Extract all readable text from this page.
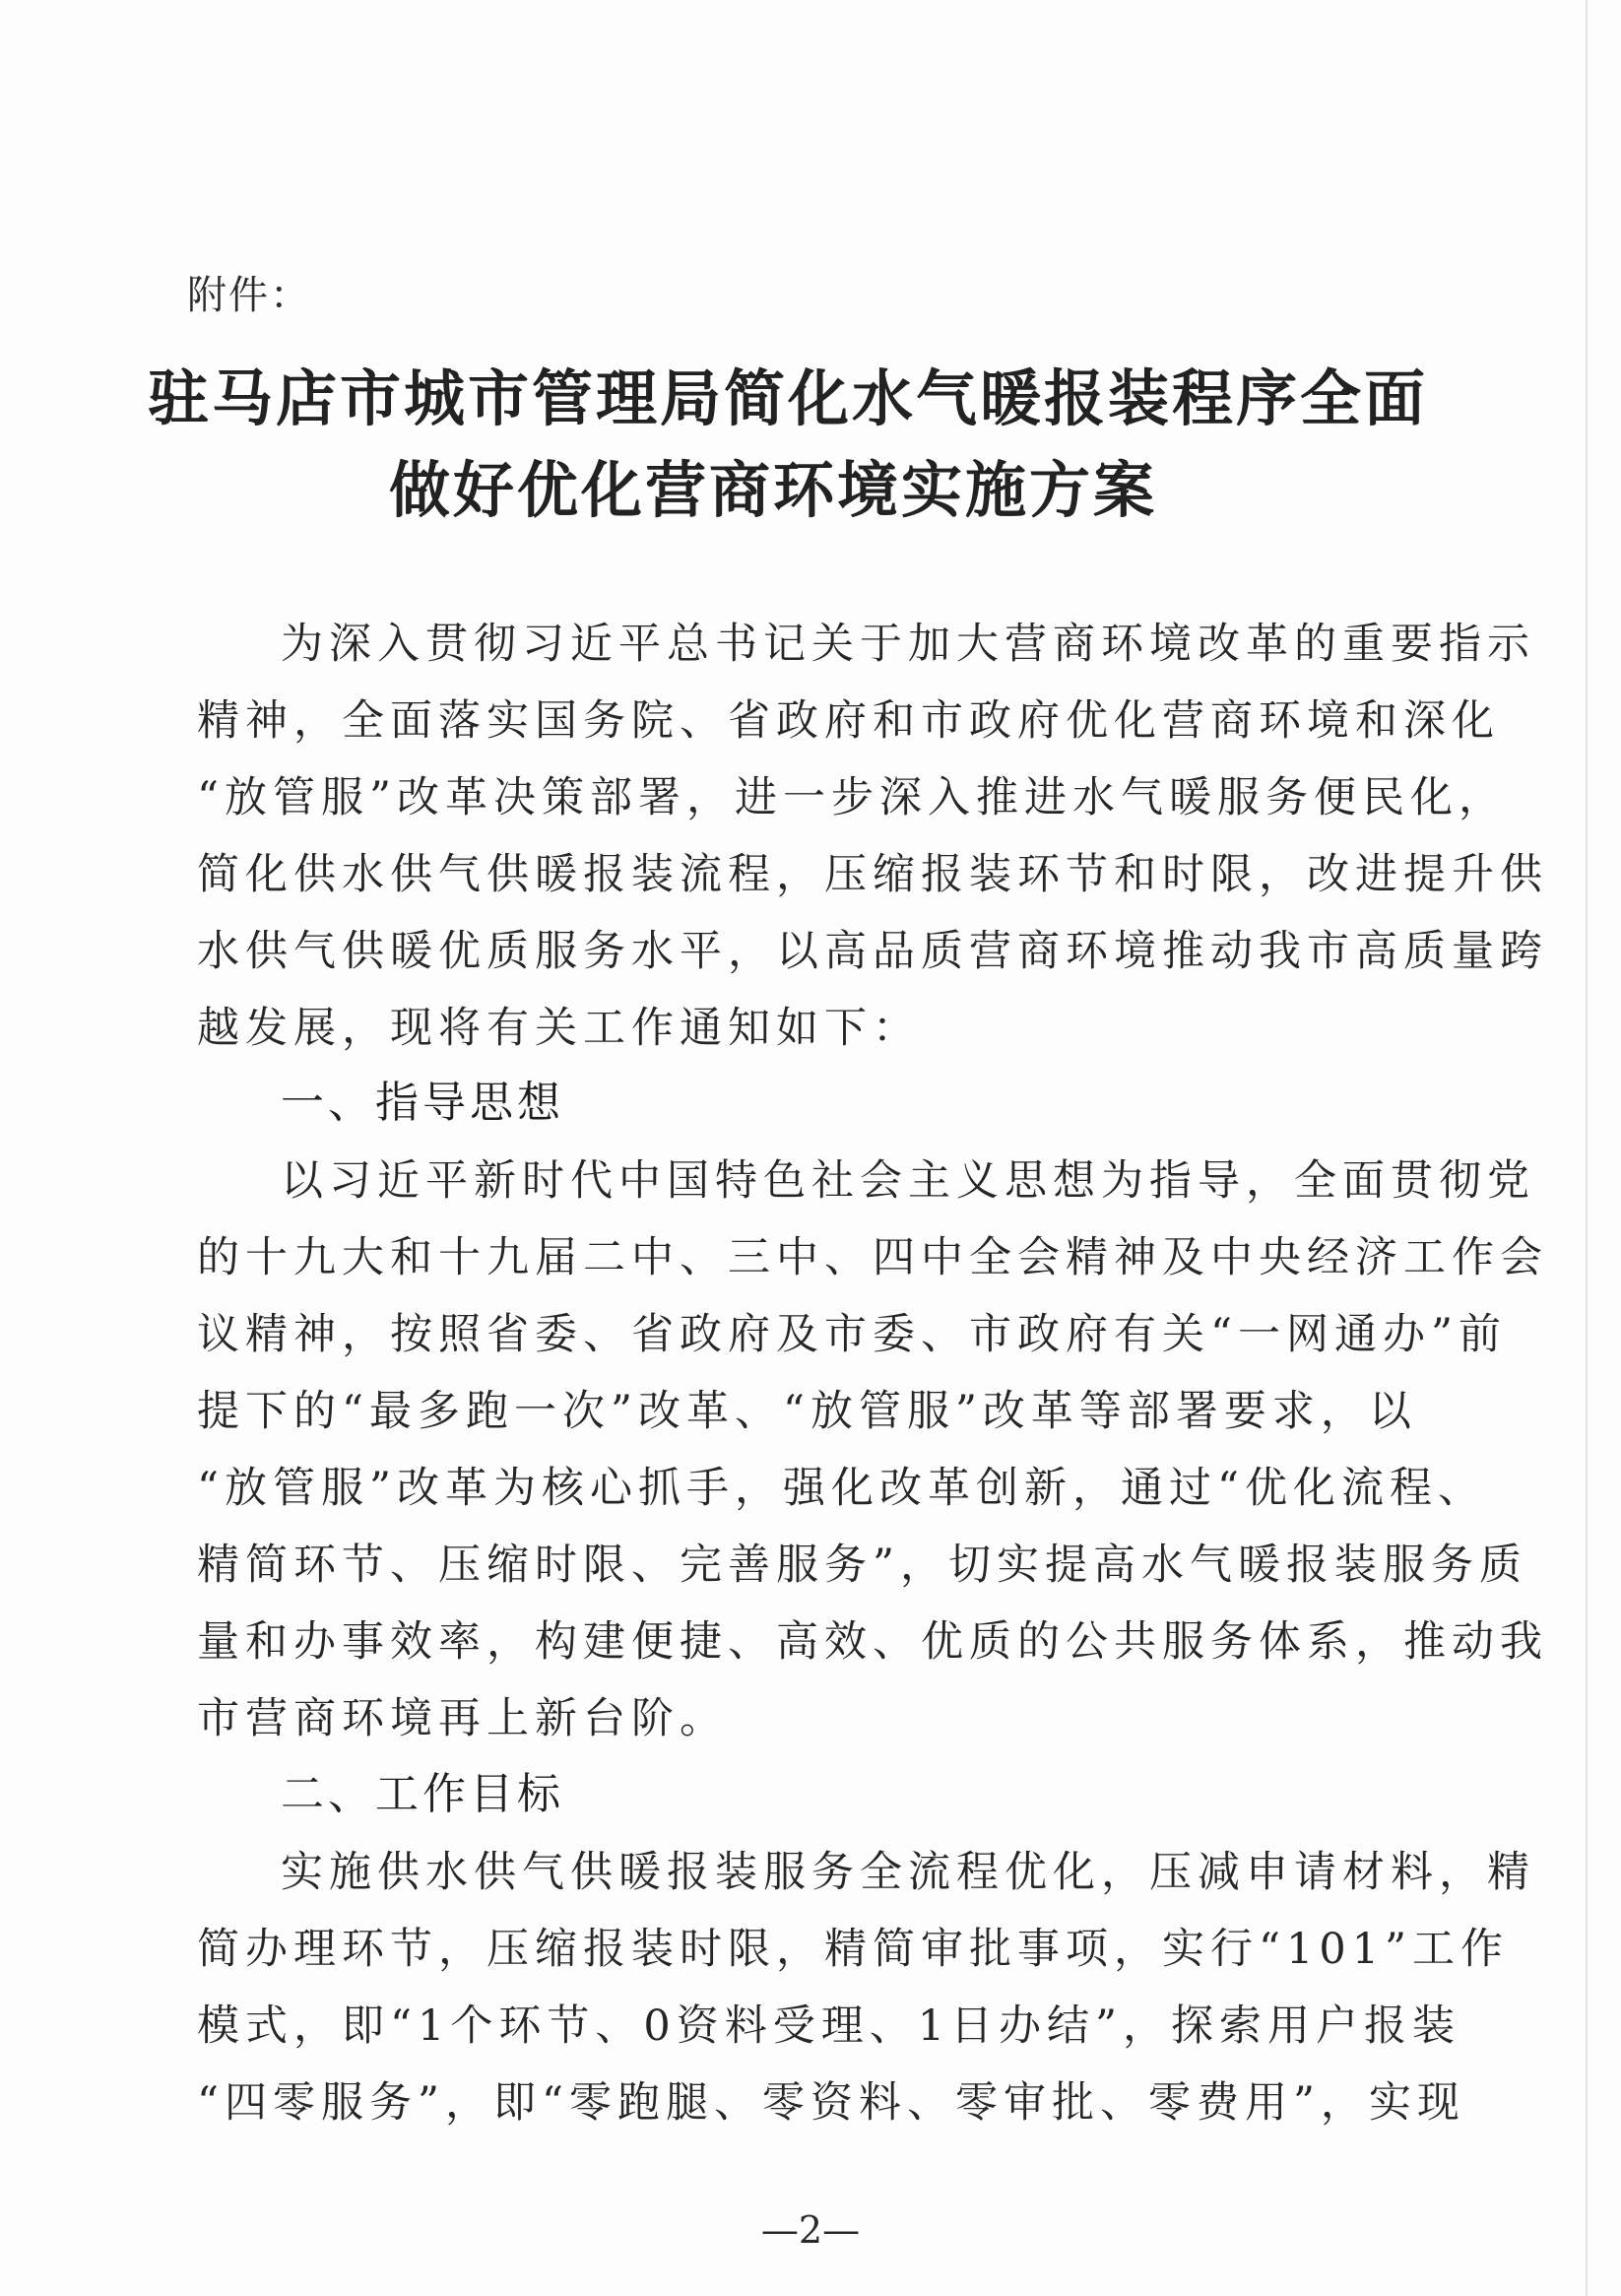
附件：
驻马店市城市管理局简化水气暖报装程序全面
做好优化营商环境实施方案
为深入贯彻习近平总书记关于加大营商环境改革的重要指示
精神，全面落实国务院、省政府和市政府优化营商环境和深化
“放管服”改革决策部署，进一步深入推进水气暖服务便民化，
简化供水供气供暖报装流程，压缩报装环节和时限，改进提升供
水供气供暖优质服务水平，以高品质营商环境推动我市高质量跨
越发展，现将有关工作通知如下：
一、指导思想
以习近平新时代中国特色社会主义思想为指导，全面贯彻党
的十九大和十九届二中、三中、四中全会精神及中央经济工作会
议精神，按照省委、省政府及市委、市政府有关“一网通办”前
提下的“最多跑一次”改革、“放管服”改革等部署要求，以
“放管服”改革为核心抓手，强化改革创新，通过“优化流程、
精简环节、压缩时限、完善服务”，切实提高水气暖报装服务质
量和办事效率，构建便捷、高效、优质的公共服务体系，推动我
市营商环境再上新台阶。
二、工作目标
实施供水供气供暖报装服务全流程优化，压减申请材料，精
简办理环节，压缩报装时限，精简审批事项，实行“101”工作
模式，即“1个环节、0资料受理、1日办结”，探索用户报装
“四零服务”，即“零跑腿、零资料、零审批、零费用”，实现
—2—
